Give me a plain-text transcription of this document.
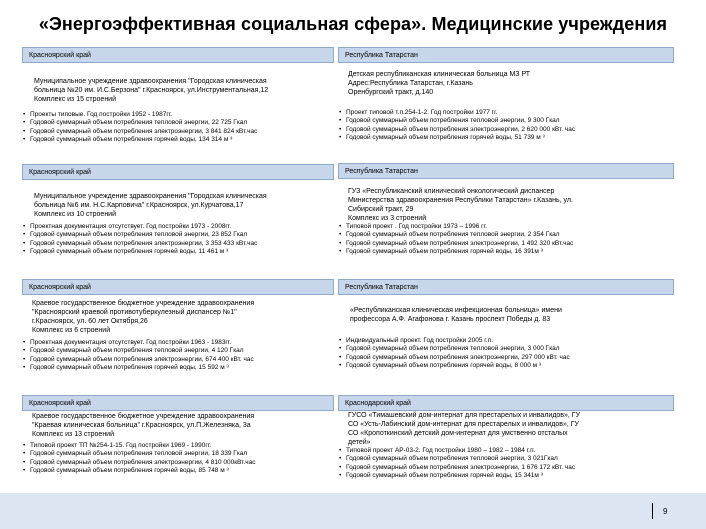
«Энергоэффективная социальная сфера». Медицинские учреждения
Красноярский край
Муниципальное учреждение здравоохранения "Городская клиническая
больница №20 им. И.С.Берзона" г.Красноярск, ул.Инструментальная,12
Комплекс из 15 строений
• Проекты типовые. Год постройки 1952 - 1987гг.
• Годовой суммарный объем потребления тепловой энергии, 22 725 Гкал
• Годовой суммарный объем потребления электроэнергии, 3 841 824 кВт.час
• Годовой суммарный объем потребления горячей воды, 134 314 м ³
Республика Татарстан
Детская республиканская клиническая больница МЗ РТ
Адрес:Республика Татарстан, г.Казань
Оренбургский тракт, д.140
• Проект типовой т.п.254-1-2. Год постройки 1977 гг.
• Годовой суммарный объем потребления тепловой энергии, 9 300 Гкал
• Годовой суммарный объем потребления электроэнергии, 2 620 000 кВт. час
• Годовой суммарный объем потребления горячей воды, 51 739 м ³
Красноярский край
Муниципальное учреждение здравоохранения "Городская клиническая
больница №6 им. Н.С.Карповича" г.Красноярск, ул.Курчатова,17
Комплекс из 10 строений
• Проектная документация отсутствует. Год постройки 1973 - 2008гг.
• Годовой суммарный объем потребления тепловой энергии, 23 852 Гкал
• Годовой суммарный объем потребления электроэнергии, 3 353 433 кВт.час
• Годовой суммарный объем потребления горячей воды, 11 461 м ³
Республика Татарстан
ГУЗ «Республиканский клинический онкологический диспансер
Министерства здравоохранения Республики Татарстан» г.Казань, ул.
Сибирский тракт, 29
Комплекс из 3 строений
• Типовой проект . Год постройки 1973 – 1996 гг.
• Годовой суммарный объем потребления тепловой энергии, 2 354 Гкал
• Годовой суммарный объем потребления электроэнергии, 1 492 320 кВт.час
• Годовой суммарный объем потребления горячей воды, 16 391м ³
Красноярский край
Краевое государственное бюджетное учреждение здравоохранения
"Красноярский краевой противотуберкулезный диспансер №1"
г.Красноярск, ул. 60 лет Октября,26
Комплекс из 6 строений
• Проектная документация отсутствует. Год постройки 1963 - 1983гг.
• Годовой суммарный объем потребления тепловой энергии, 4 120 Гкал
• Годовой суммарный объем потребления электроэнергии, 674 400 кВт. час
• Годовой суммарный объем потребления горячей воды, 15 592 м ³
Республика Татарстан
«Республиканская клиническая инфекционная больница» имени
профессора А.Ф. Агафонова г. Казань проспект Победы д. 83
• Индивидуальный проект. Год постройки 2005 г.п.
• Годовой суммарный объем потребления тепловой энергии, 3 000 Гкал
• Годовой суммарный объем потребления электроэнергии, 297 000 кВт. час
• Годовой суммарный объем потребления горячей воды, 8 000 м ³
Красноярский край
Краевое государственное бюджетное учреждение здравоохранения
"Краевая клиническая больница" г.Красноярск, ул.П.Железняка, 3а
Комплекс из 13 строений
• Типовой проект ТП №254-1-15. Год постройки 1969 - 1990гг.
• Годовой суммарный объем потребления тепловой энергии, 18 339 Гкал
• Годовой суммарный объем потребления электроэнергии, 4 810 000кВт.час
• Годовой суммарный объем потребления горячей воды, 85 748 м ³
Краснодарский край
ГУСО «Тимашевский дом-интернат для престарелых и инвалидов», ГУ
СО «Усть-Лабинский дом-интернат для престарелых и инвалидов», ГУ
СО «Кропоткинский детский дом-интернат для умственно отсталых
детей»
• Типовой проект АР-03-2. Год постройки 1980 – 1982 – 1984 г.п.
• Годовой суммарный объем потребления тепловой энергии, 3 021Гкал
• Годовой суммарный объем потребления электроэнергии, 1 676 172 кВт. час
• Годовой суммарный объем потребления горячей воды, 15 341м ³
9
